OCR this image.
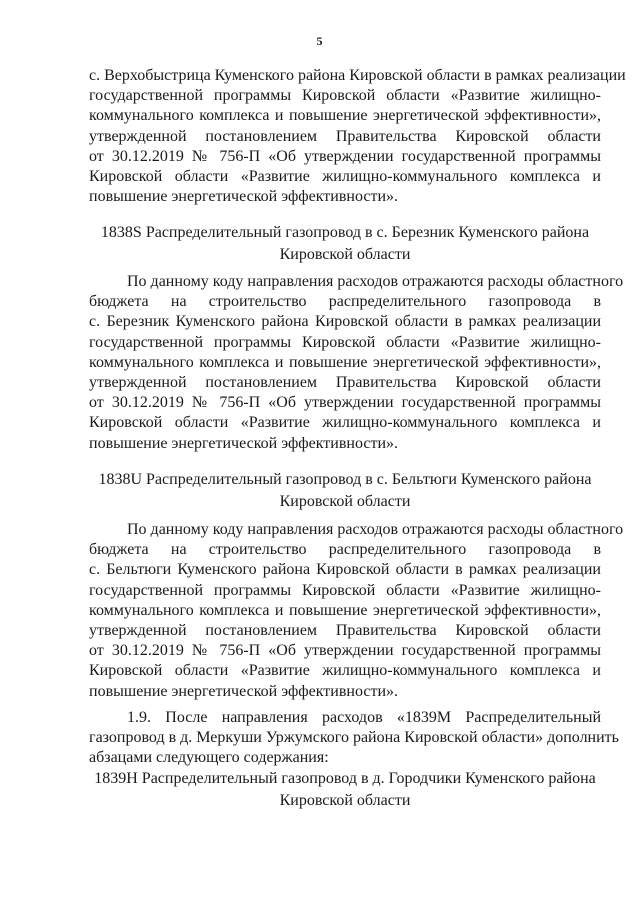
5
с. Верхобыстрица Куменского района Кировской области в рамках реализации
государственной программы Кировской области «Развитие жилищно-
коммунального комплекса и повышение энергетической эффективности»,
утвержденной постановлением Правительства Кировской области
от 30.12.2019 № 756-П «Об утверждении государственной программы
Кировской области «Развитие жилищно-коммунального комплекса и
повышение энергетической эффективности».
1838S Распределительный газопровод в с. Березник Куменского района
Кировской области
По данному коду направления расходов отражаются расходы областного
бюджета на строительство распределительного газопровода в
с. Березник Куменского района Кировской области в рамках реализации
государственной программы Кировской области «Развитие жилищно-
коммунального комплекса и повышение энергетической эффективности»,
утвержденной постановлением Правительства Кировской области
от 30.12.2019 № 756-П «Об утверждении государственной программы
Кировской области «Развитие жилищно-коммунального комплекса и
повышение энергетической эффективности».
1838U Распределительный газопровод в с. Бельтюги Куменского района
Кировской области
По данному коду направления расходов отражаются расходы областного
бюджета на строительство распределительного газопровода в
с. Бельтюги Куменского района Кировской области в рамках реализации
государственной программы Кировской области «Развитие жилищно-
коммунального комплекса и повышение энергетической эффективности»,
утвержденной постановлением Правительства Кировской области
от 30.12.2019 № 756-П «Об утверждении государственной программы
Кировской области «Развитие жилищно-коммунального комплекса и
повышение энергетической эффективности».
1.9. После направления расходов «1839М Распределительный
газопровод в д. Меркуши Уржумского района Кировской области» дополнить
абзацами следующего содержания:
1839Н Распределительный газопровод в д. Городчики Куменского района
Кировской области
